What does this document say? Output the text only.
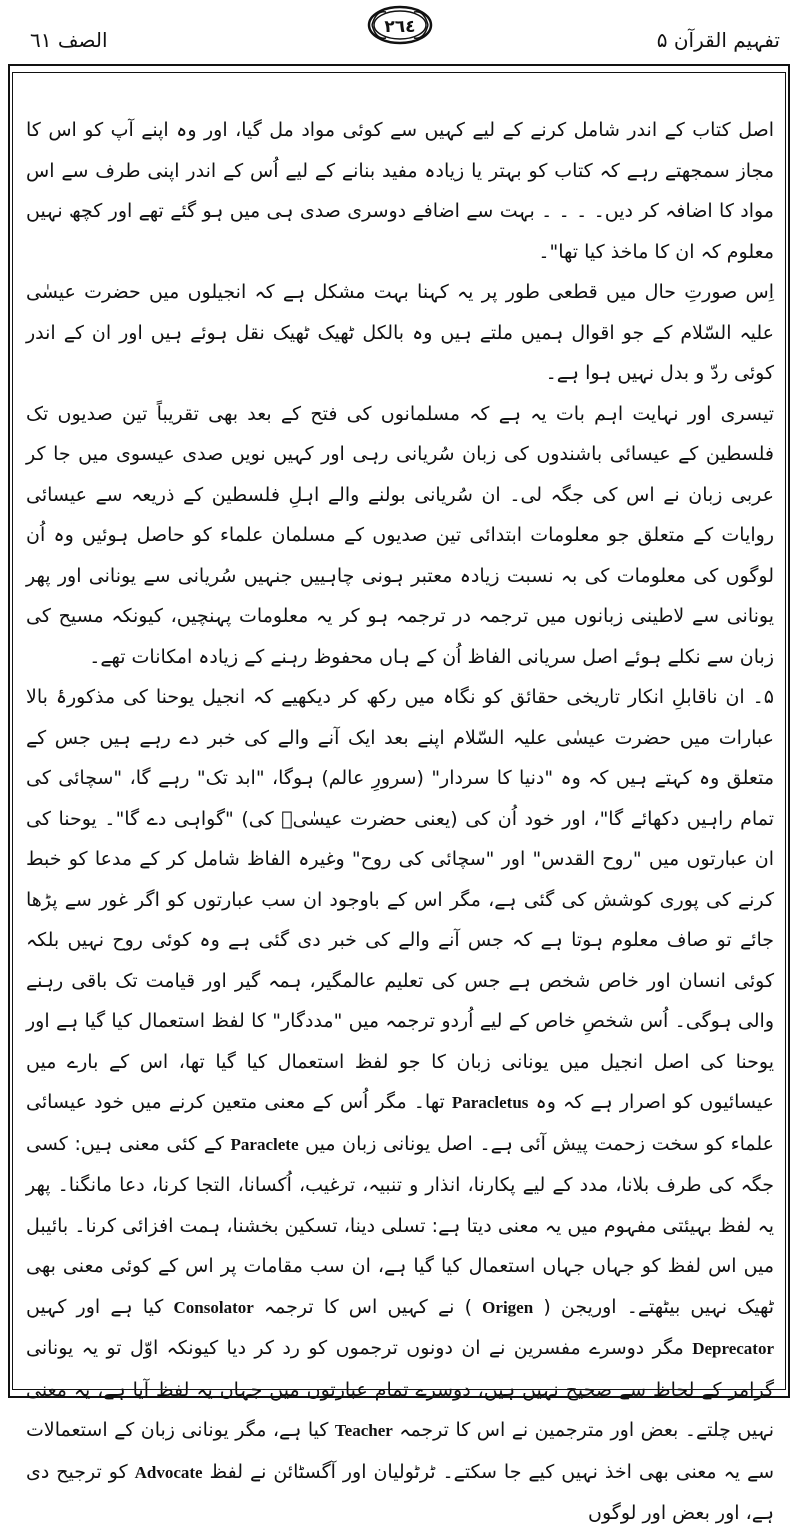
تفہیم القرآن ۵
٢٦٤
الصف ٦١

اصل کتاب کے اندر شامل کرنے کے لیے کہیں سے کوئی مواد مل گیا، اور وہ اپنے آپ کو اس کا مجاز سمجھتے رہے کہ کتاب کو بہتر یا زیادہ مفید بنانے کے لیے اُس کے اندر اپنی طرف سے اس مواد کا اضافہ کر دیں۔ ۔ ۔ ۔ بہت سے اضافے دوسری صدی ہی میں ہو گئے تھے اور کچھ نہیں معلوم کہ ان کا ماخذ کیا تھا"۔

اِس صورتِ حال میں قطعی طور پر یہ کہنا بہت مشکل ہے کہ انجیلوں میں حضرت عیسٰی علیہ السّلام کے جو اقوال ہمیں ملتے ہیں وہ بالکل ٹھیک ٹھیک نقل ہوئے ہیں اور ان کے اندر کوئی ردّ و بدل نہیں ہوا ہے۔

تیسری اور نہایت اہم بات یہ ہے کہ مسلمانوں کی فتح کے بعد بھی تقریباً تین صدیوں تک فلسطین کے عیسائی باشندوں کی زبان سُریانی رہی اور کہیں نویں صدی عیسوی میں جا کر عربی زبان نے اس کی جگہ لی۔ ان سُریانی بولنے والے اہلِ فلسطین کے ذریعہ سے عیسائی روایات کے متعلق جو معلومات ابتدائی تین صدیوں کے مسلمان علماء کو حاصل ہوئیں وہ اُن لوگوں کی معلومات کی بہ نسبت زیادہ معتبر ہونی چاہییں جنہیں سُریانی سے یونانی اور پھر یونانی سے لاطینی زبانوں میں ترجمہ در ترجمہ ہو کر یہ معلومات پہنچیں، کیونکہ مسیح کی زبان سے نکلے ہوئے اصل سریانی الفاظ اُن کے ہاں محفوظ رہنے کے زیادہ امکانات تھے۔

۵۔ ان ناقابلِ انکار تاریخی حقائق کو نگاہ میں رکھ کر دیکھیے کہ انجیل یوحنا کی مذکورۂ بالا عبارات میں حضرت عیسٰی علیہ السّلام اپنے بعد ایک آنے والے کی خبر دے رہے ہیں جس کے متعلق وہ کہتے ہیں کہ وہ "دنیا کا سردار" (سرورِ عالم) ہوگا، "ابد تک" رہے گا، "سچائی کی تمام راہیں دکھائے گا"، اور خود اُن کی (یعنی حضرت عیسٰیؑ کی) "گواہی دے گا"۔ یوحنا کی ان عبارتوں میں "روح القدس" اور "سچائی کی روح" وغیرہ الفاظ شامل کر کے مدعا کو خبط کرنے کی پوری کوشش کی گئی ہے، مگر اس کے باوجود ان سب عبارتوں کو اگر غور سے پڑھا جائے تو صاف معلوم ہوتا ہے کہ جس آنے والے کی خبر دی گئی ہے وہ کوئی روح نہیں بلکہ کوئی انسان اور خاص شخص ہے جس کی تعلیم عالمگیر، ہمہ گیر اور قیامت تک باقی رہنے والی ہوگی۔ اُس شخصِ خاص کے لیے اُردو ترجمہ میں "مددگار" کا لفظ استعمال کیا گیا ہے اور یوحنا کی اصل انجیل میں یونانی زبان کا جو لفظ استعمال کیا گیا تھا، اس کے بارے میں عیسائیوں کو اصرار ہے کہ وہ Paracletus تھا۔ مگر اُس کے معنی متعین کرنے میں خود عیسائی علماء کو سخت زحمت پیش آئی ہے۔ اصل یونانی زبان میں Paraclete کے کئی معنی ہیں: کسی جگہ کی طرف بلانا، مدد کے لیے پکارنا، انذار و تنبیہ، ترغیب، اُکسانا، التجا کرنا، دعا مانگنا۔ پھر یہ لفظ بہیئتی مفہوم میں یہ معنی دیتا ہے: تسلی دینا، تسکین بخشنا، ہمت افزائی کرنا۔ بائیبل میں اس لفظ کو جہاں جہاں استعمال کیا گیا ہے، ان سب مقامات پر اس کے کوئی معنی بھی ٹھیک نہیں بیٹھتے۔ اوریجن ( Origen ) نے کہیں اس کا ترجمہ Consolator کیا ہے اور کہیں Deprecator مگر دوسرے مفسرین نے ان دونوں ترجموں کو رد کر دیا کیونکہ اوّل تو یہ یونانی گرامر کے لحاظ سے صحیح نہیں ہیں، دوسرے تمام عبارتوں میں جہاں یہ لفظ آیا ہے، یہ معنی نہیں چلتے۔ بعض اور مترجمین نے اس کا ترجمہ Teacher کیا ہے، مگر یونانی زبان کے استعمالات سے یہ معنی بھی اخذ نہیں کیے جا سکتے۔ ٹرٹولیان اور آگسٹائن نے لفظ Advocate کو ترجیح دی ہے، اور بعض اور لوگوں
